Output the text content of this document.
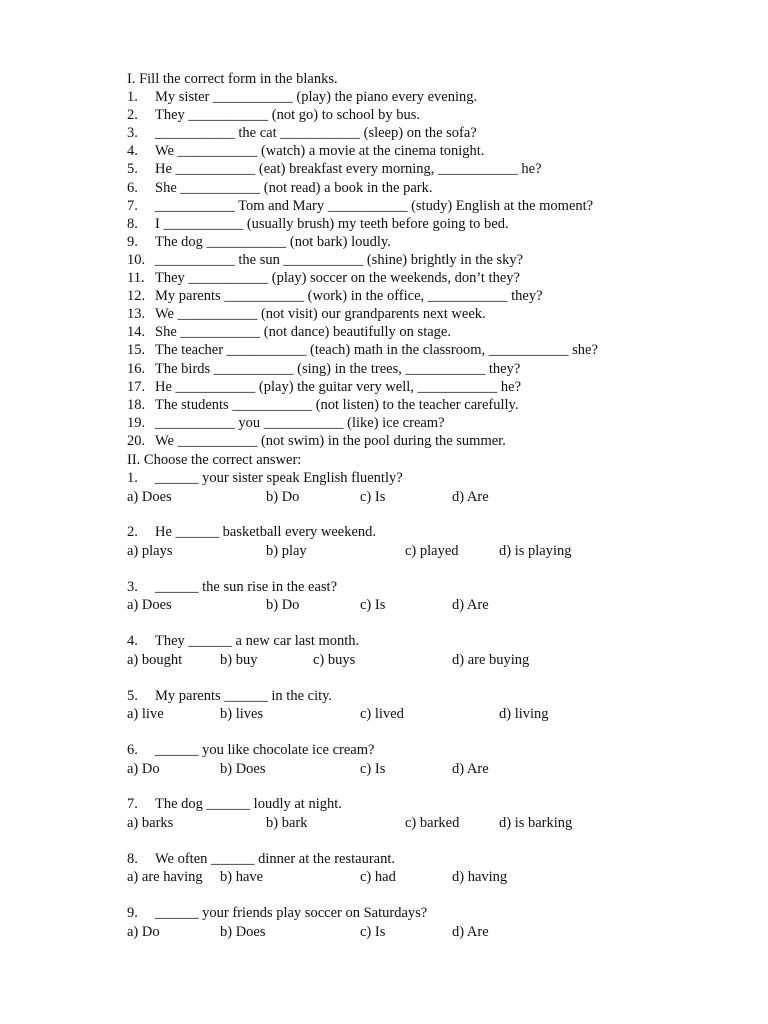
I. Fill the correct form in the blanks.
1. My sister ___________ (play) the piano every evening.
2. They ___________ (not go) to school by bus.
3. ___________ the cat ___________ (sleep) on the sofa?
4. We ___________ (watch) a movie at the cinema tonight.
5. He ___________ (eat) breakfast every morning, ___________ he?
6. She ___________ (not read) a book in the park.
7. ___________ Tom and Mary ___________ (study) English at the moment?
8. I ___________ (usually brush) my teeth before going to bed.
9. The dog ___________ (not bark) loudly.
10. ___________ the sun ___________ (shine) brightly in the sky?
11. They ___________ (play) soccer on the weekends, don’t they?
12. My parents ___________ (work) in the office, ___________ they?
13. We ___________ (not visit) our grandparents next week.
14. She ___________ (not dance) beautifully on stage.
15. The teacher ___________ (teach) math in the classroom, ___________ she?
16. The birds ___________ (sing) in the trees, ___________ they?
17. He ___________ (play) the guitar very well, ___________ he?
18. The students ___________ (not listen) to the teacher carefully.
19. ___________ you ___________ (like) ice cream?
20. We ___________ (not swim) in the pool during the summer.
II. Choose the correct answer:
1. ______ your sister speak English fluently?
a) Does	b) Do	c) Is	d) Are
2. He ______ basketball every weekend.
a) plays	b) play	c) played	d) is playing
3. ______ the sun rise in the east?
a) Does	b) Do	c) Is	d) Are
4. They ______ a new car last month.
a) bought	b) buy	c) buys	d) are buying
5. My parents ______ in the city.
a) live	b) lives	c) lived	d) living
6. ______ you like chocolate ice cream?
a) Do	b) Does	c) Is	d) Are
7. The dog ______ loudly at night.
a) barks	b) bark	c) barked	d) is barking
8. We often ______ dinner at the restaurant.
a) are having b) have	c) had	d) having
9. ______ your friends play soccer on Saturdays?
a) Do	b) Does	c) Is	d) Are
